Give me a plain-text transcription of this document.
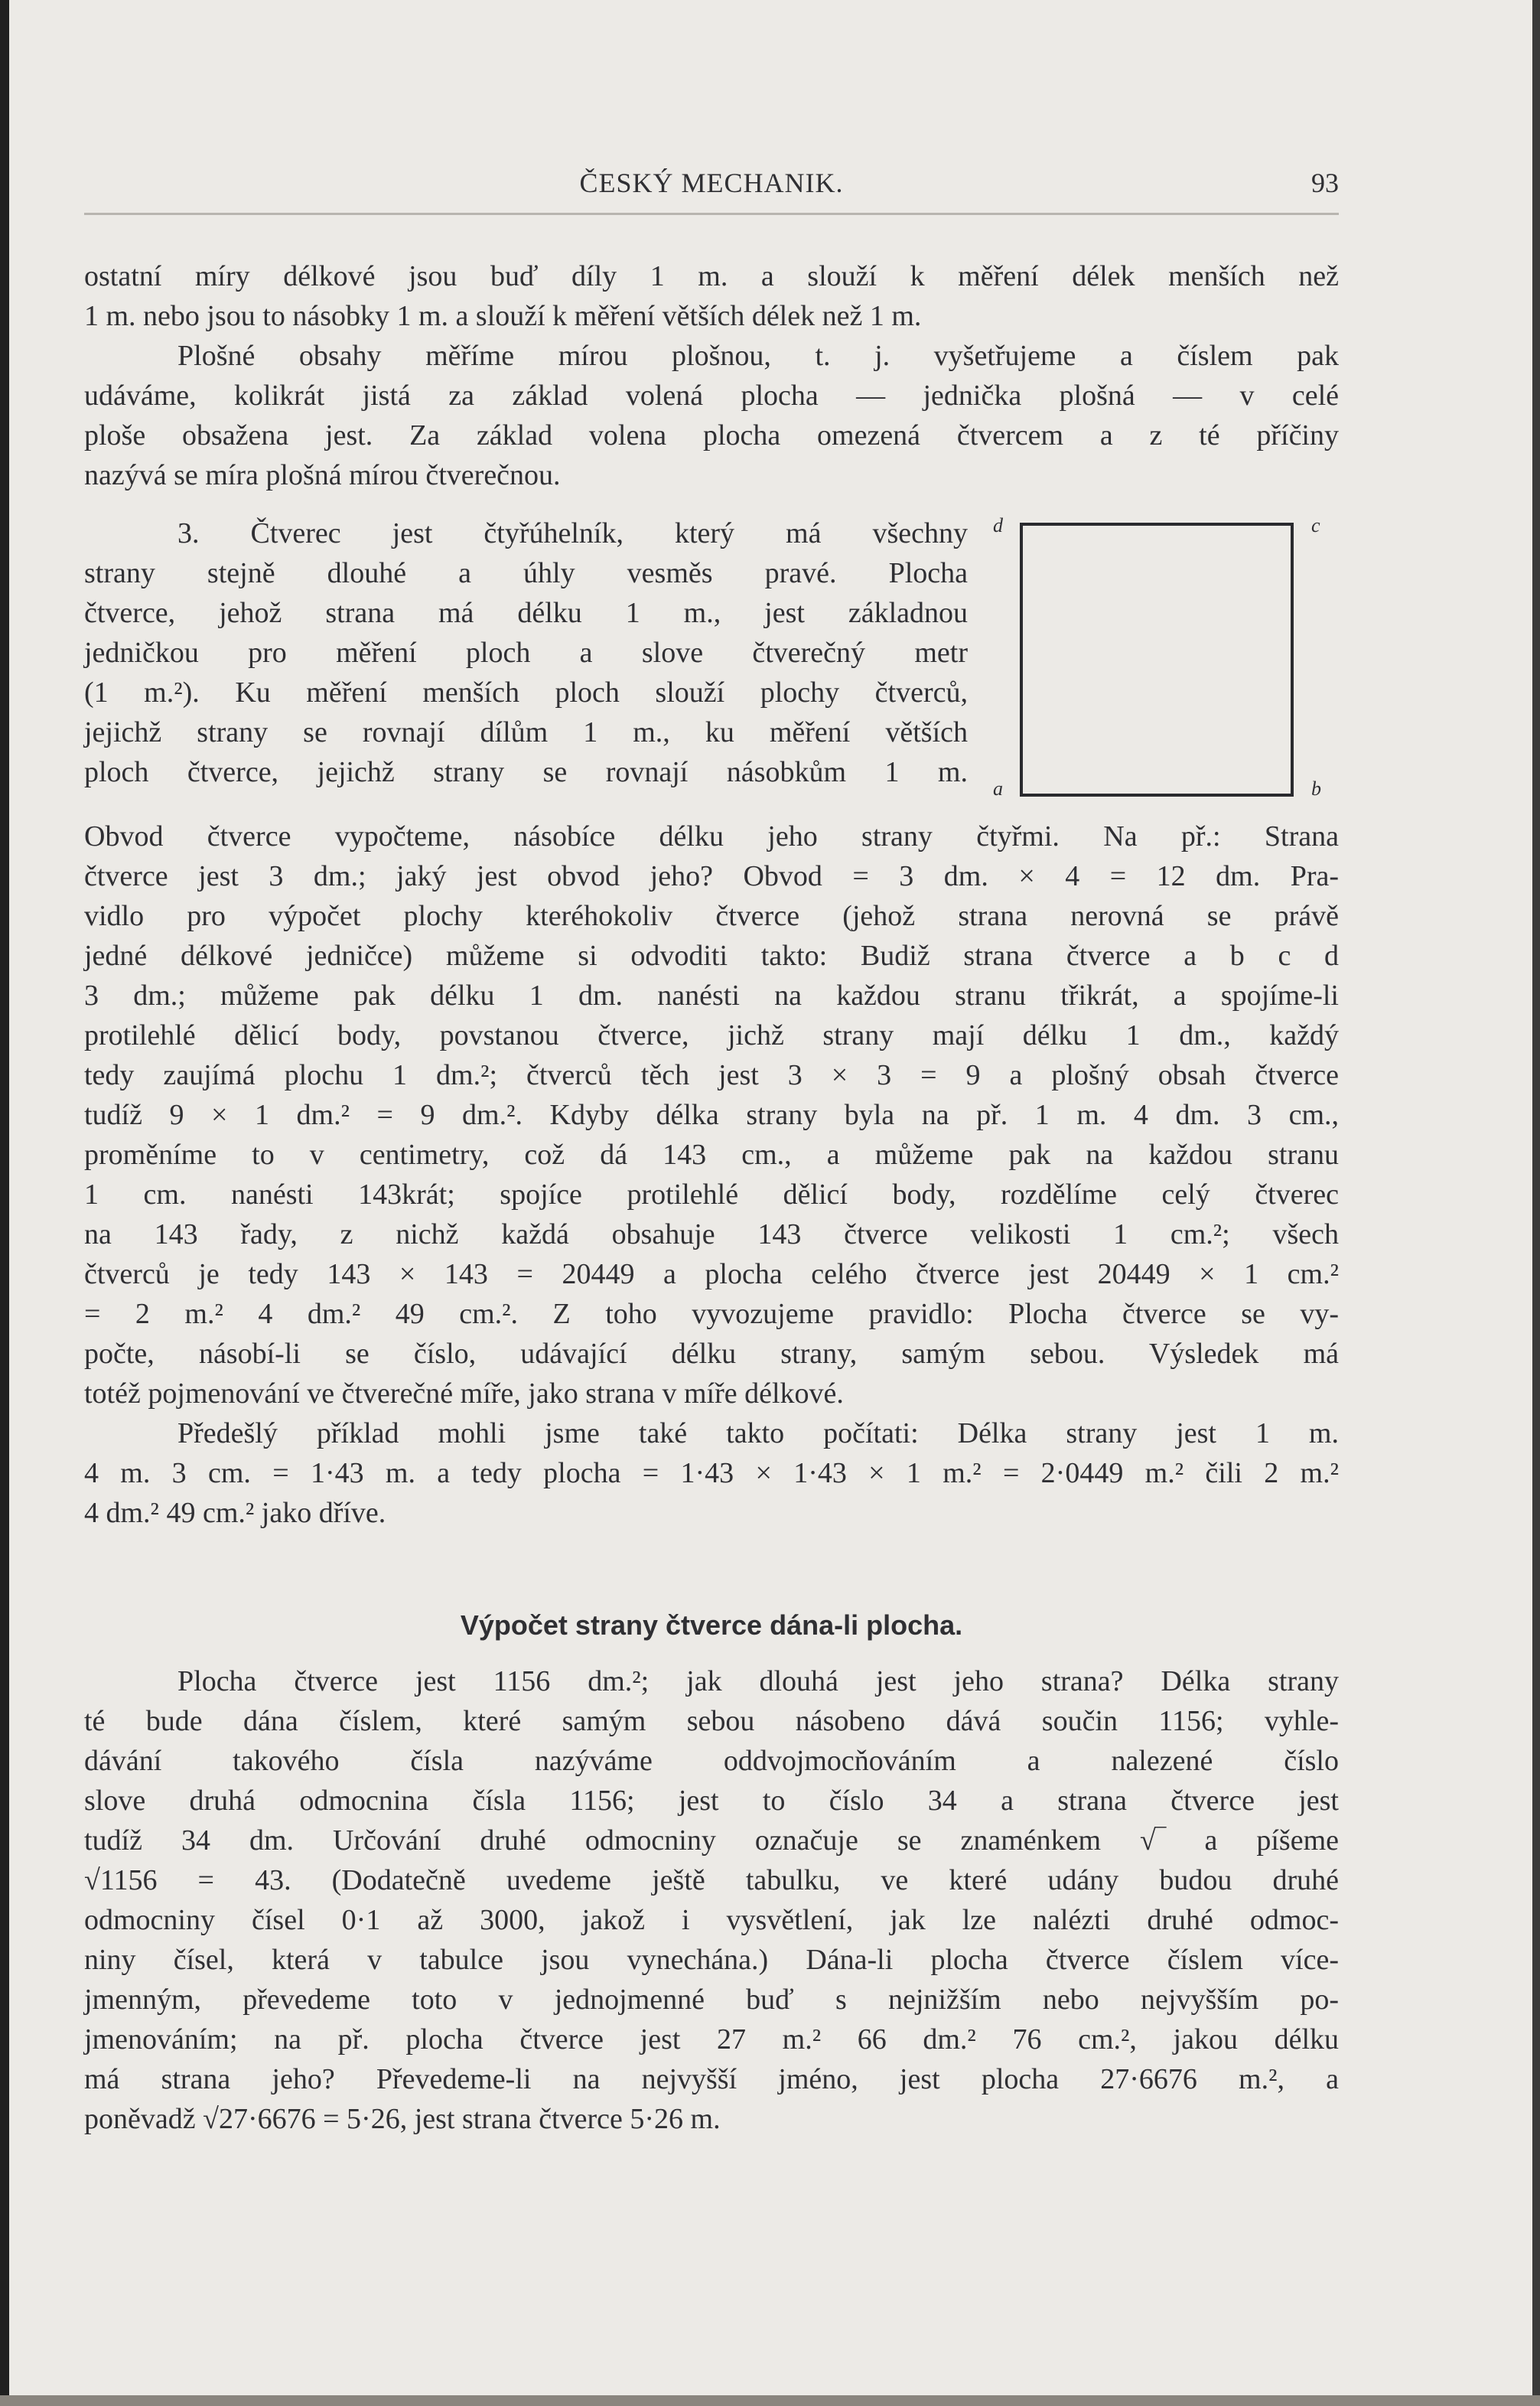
ČESKÝ MECHANIK.	93
ostatní míry délkové jsou buď díly 1 m. a slouží k měření délek menších než
1 m. nebo jsou to násobky 1 m. a slouží k měření větších délek než 1 m.
Plošné obsahy měříme mírou plošnou, t. j. vyšetřujeme a číslem pak
udáváme, kolikrát jistá za základ volená plocha — jednička plošná — v celé
ploše obsažena jest. Za základ volena plocha omezená čtvercem a z té příčiny
nazývá se míra plošná mírou čtverečnou.
3. Čtverec jest čtyřúhelník, který má všechny
strany stejně dlouhé a úhly vesměs pravé. Plocha
čtverce, jehož strana má délku 1 m., jest základnou
jedničkou pro měření ploch a slove čtverečný metr
(1 m.²). Ku měření menších ploch slouží plochy čtverců,
jejichž strany se rovnají dílům 1 m., ku měření větších
ploch čtverce, jejichž strany se rovnají násobkům 1 m.
d	c
a	b
Obvod čtverce vypočteme, násobíce délku jeho strany čtyřmi. Na př.: Strana
čtverce jest 3 dm.; jaký jest obvod jeho? Obvod = 3 dm. × 4 = 12 dm. Pra-
vidlo pro výpočet plochy kteréhokoliv čtverce (jehož strana nerovná se právě
jedné délkové jedničce) můžeme si odvoditi takto: Budiž strana čtverce a b c d
3 dm.; můžeme pak délku 1 dm. nanésti na každou stranu třikrát, a spojíme-li
protilehlé dělicí body, povstanou čtverce, jichž strany mají délku 1 dm., každý
tedy zaujímá plochu 1 dm.²; čtverců těch jest 3 × 3 = 9 a plošný obsah čtverce
tudíž 9 × 1 dm.² = 9 dm.². Kdyby délka strany byla na př. 1 m. 4 dm. 3 cm.,
proměníme to v centimetry, což dá 143 cm., a můžeme pak na každou stranu
1 cm. nanésti 143krát; spojíce protilehlé dělicí body, rozdělíme celý čtverec
na 143 řady, z nichž každá obsahuje 143 čtverce velikosti 1 cm.²; všech
čtverců je tedy 143 × 143 = 20449 a plocha celého čtverce jest 20449 × 1 cm.²
= 2 m.² 4 dm.² 49 cm.². Z toho vyvozujeme pravidlo: Plocha čtverce se vy-
počte, násobí-li se číslo, udávající délku strany, samým sebou. Výsledek má
totéž pojmenování ve čtverečné míře, jako strana v míře délkové.
Předešlý příklad mohli jsme také takto počítati: Délka strany jest 1 m.
4 m. 3 cm. = 1·43 m. a tedy plocha = 1·43 × 1·43 × 1 m.² = 2·0449 m.² čili 2 m.²
4 dm.² 49 cm.² jako dříve.
Výpočet strany čtverce dána-li plocha.
Plocha čtverce jest 1156 dm.²; jak dlouhá jest jeho strana? Délka strany
té bude dána číslem, které samým sebou násobeno dává součin 1156; vyhle-
dávání takového čísla nazýváme oddvojmocňováním a nalezené číslo
slove druhá odmocnina čísla 1156; jest to číslo 34 a strana čtverce jest
tudíž 34 dm. Určování druhé odmocniny označuje se znaménkem √‾ a píšeme
√1156 = 43. (Dodatečně uvedeme ještě tabulku, ve které udány budou druhé
odmocniny čísel 0·1 až 3000, jakož i vysvětlení, jak lze nalézti druhé odmoc-
niny čísel, která v tabulce jsou vynechána.) Dána-li plocha čtverce číslem více-
jmenným, převedeme toto v jednojmenné buď s nejnižším nebo nejvyšším po-
jmenováním; na př. plocha čtverce jest 27 m.² 66 dm.² 76 cm.², jakou délku
má strana jeho? Převedeme-li na nejvyšší jméno, jest plocha 27·6676 m.², a
poněvadž √27·6676 = 5·26, jest strana čtverce 5·26 m.
